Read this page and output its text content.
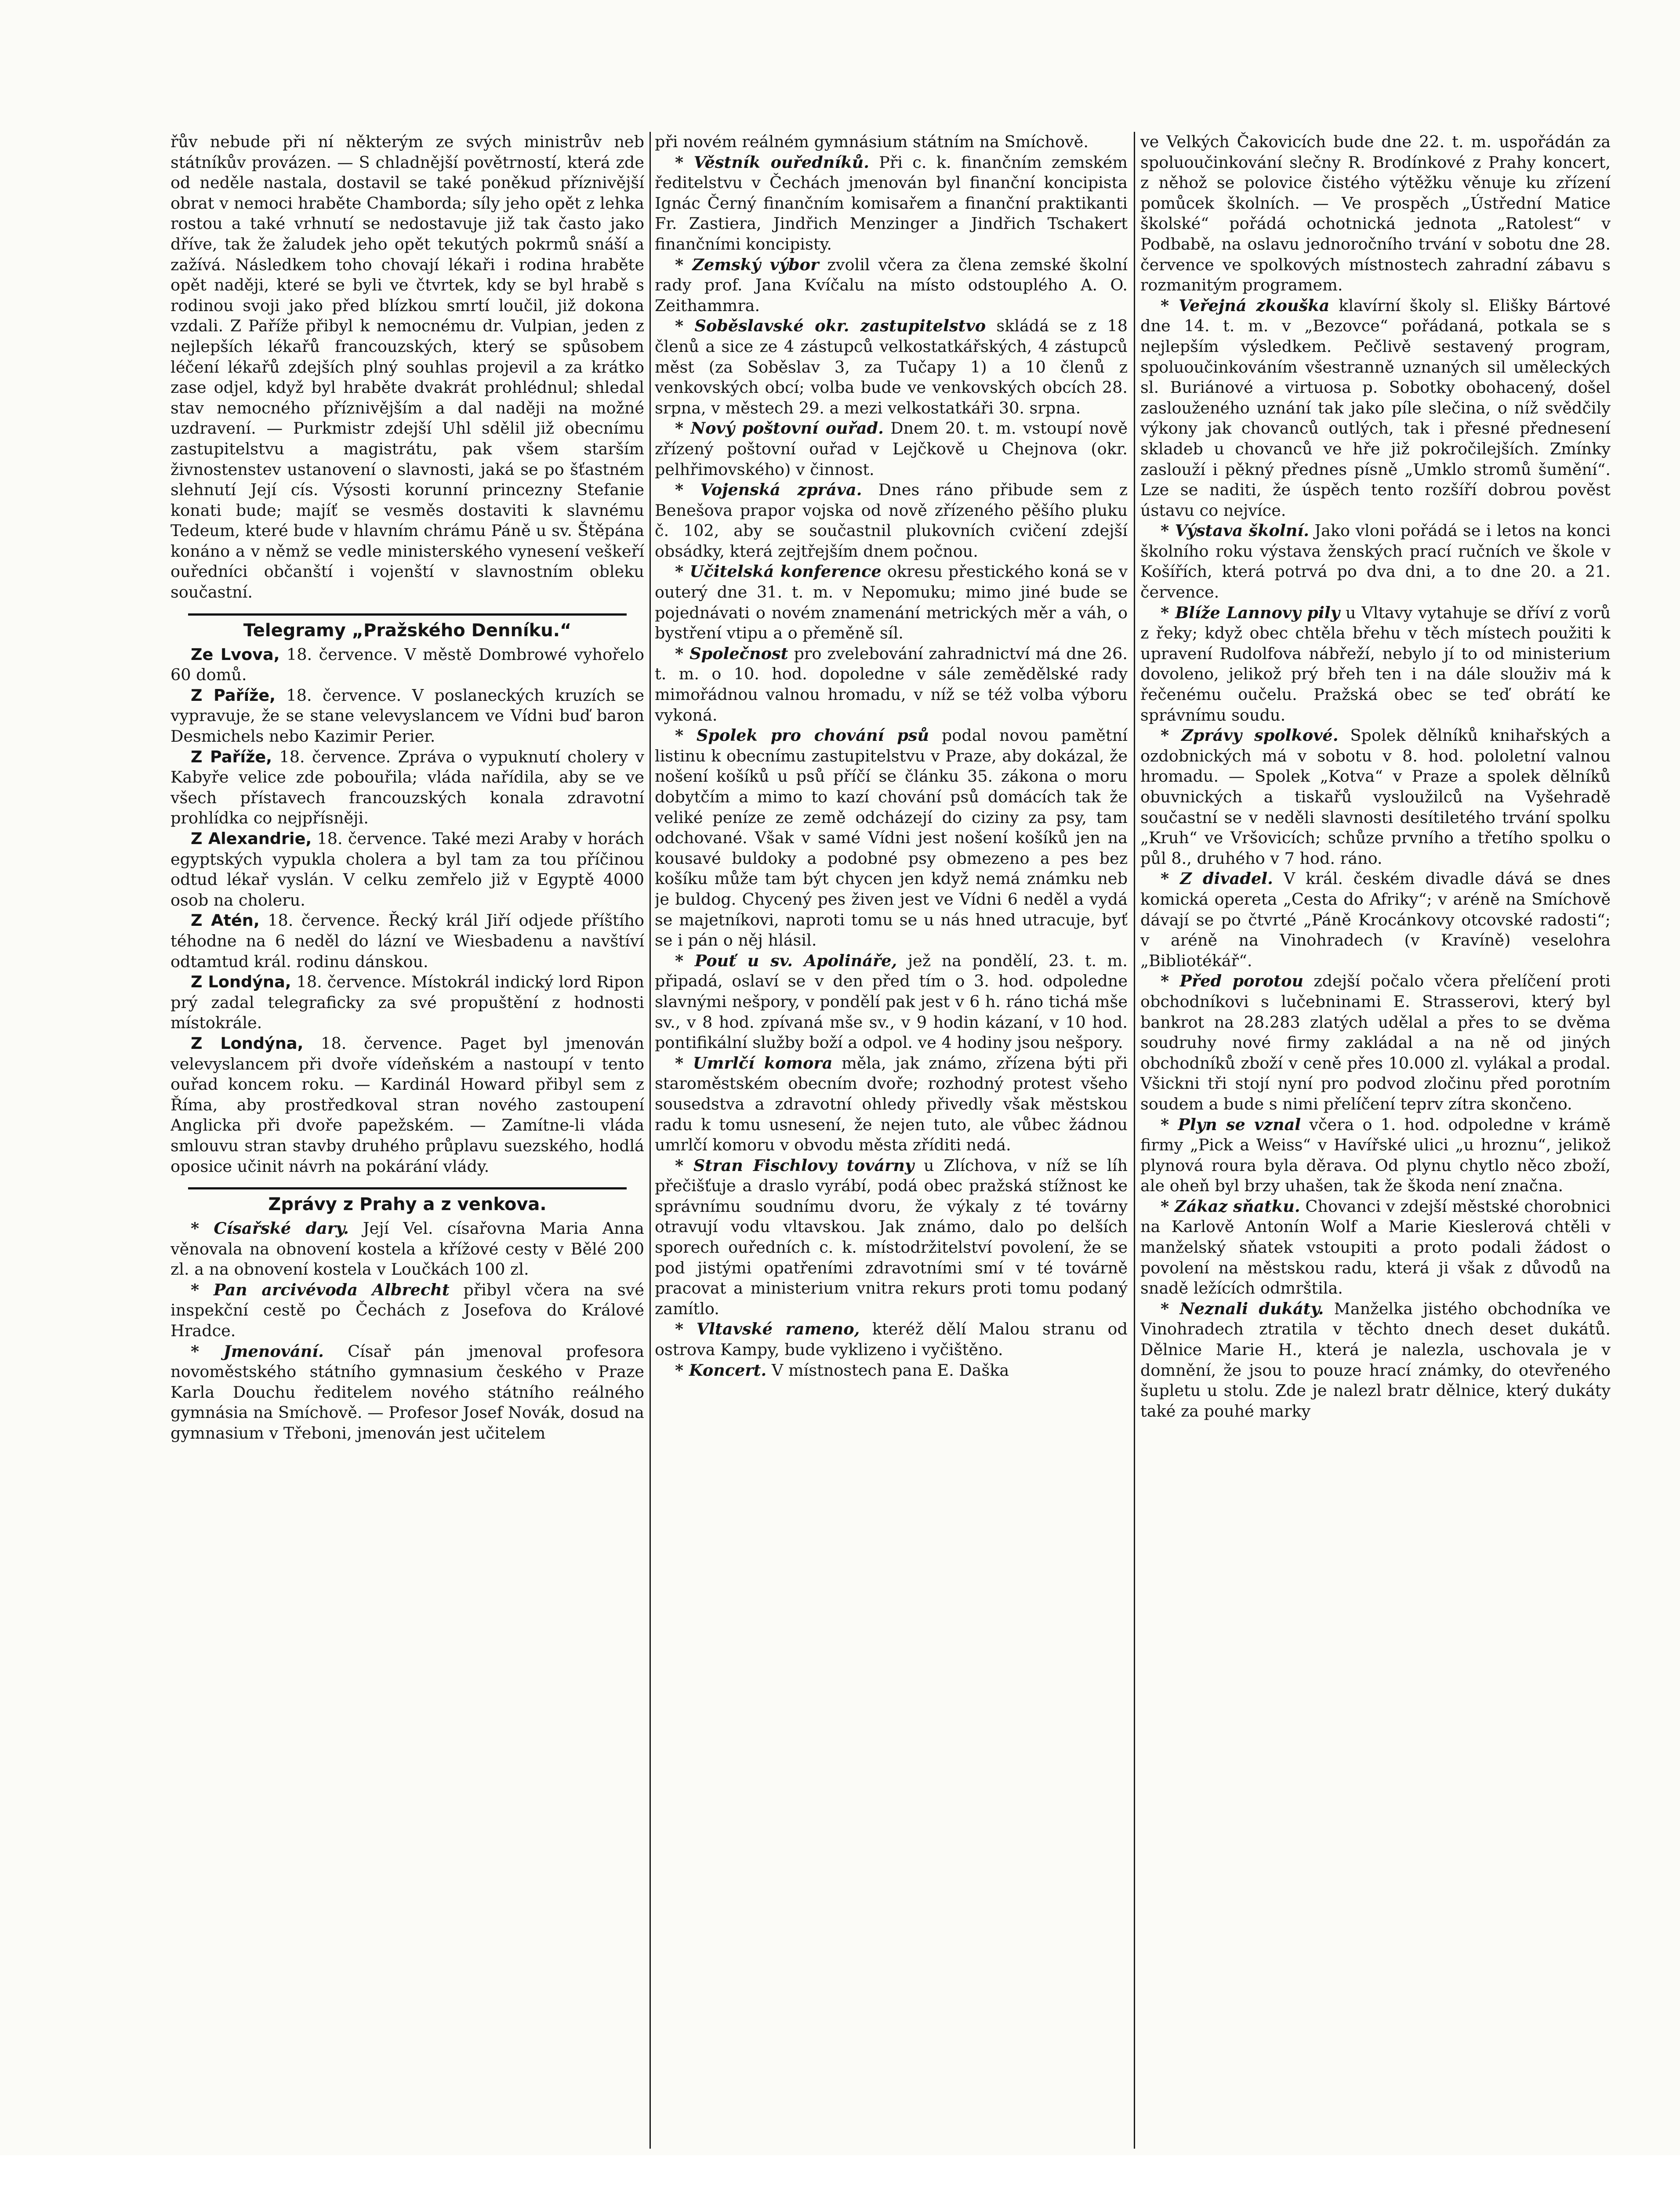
řův nebude při ní některým ze svých ministrův neb státníkův provázen. — S chladnější povětrností, která zde od neděle nastala, dostavil se také poněkud příznivější obrat v nemoci hraběte Chamborda; síly jeho opět z lehka rostou a také vrhnutí se nedostavuje již tak často jako dříve, tak že žaludek jeho opět tekutých pokrmů snáší a zažívá. Následkem toho chovají lékaři i rodina hraběte opět naději, které se byli ve čtvrtek, kdy se byl hrabě s rodinou svoji jako před blízkou smrtí loučil, již dokona vzdali. Z Paříže přibyl k nemocnému dr. Vulpian, jeden z nejlepších lékařů francouzských, který se spůsobem léčení lékařů zdejších plný souhlas projevil a za krátko zase odjel, když byl hraběte dvakrát prohlédnul; shledal stav nemocného příznivějším a dal naději na možné uzdravení. — Purkmistr zdejší Uhl sdělil již obecnímu zastupitelstvu a magistrátu, pak všem starším živnostenstev ustanovení o slavnosti, jaká se po šťastném slehnutí Její cís. Výsosti korunní princezny Stefanie konati bude; majíť se vesměs dostaviti k slavnému Tedeum, které bude v hlavním chrámu Páně u sv. Štěpána konáno a v němž se vedle ministerského vynesení veškeří ouředníci občanští i vojenští v slavnostním obleku součastní.

Telegramy „Pražského Denníku.“

Ze Lvova, 18. července. V městě Dombrowé vyhořelo 60 domů.

Z Paříže, 18. července. V poslaneckých kruzích se vypravuje, že se stane velevyslancem ve Vídni buď baron Desmichels nebo Kazimir Perier.

Z Paříže, 18. července. Zpráva o vypuknutí cholery v Kabyře velice zde pobouřila; vláda nařídila, aby se ve všech přístavech francouzských konala zdravotní prohlídka co nejpřísněji.

Z Alexandrie, 18. července. Také mezi Araby v horách egyptských vypukla cholera a byl tam za tou příčinou odtud lékař vyslán. V celku zemřelo již v Egyptě 4000 osob na choleru.

Z Atén, 18. července. Řecký král Jiří odjede příštího téhodne na 6 neděl do lázní ve Wiesbadenu a navštíví odtamtud král. rodinu dánskou.

Z Londýna, 18. července. Místokrál indický lord Ripon prý zadal telegraficky za své propuštění z hodnosti místokrále.

Z Londýna, 18. července. Paget byl jmenován velevyslancem při dvoře vídeňském a nastoupí v tento ouřad koncem roku. — Kardinál Howard přibyl sem z Říma, aby prostředkoval stran nového zastoupení Anglicka při dvoře papežském. — Zamítne-li vláda smlouvu stran stavby druhého průplavu suezského, hodlá oposice učinit návrh na pokárání vlády.

Zprávy z Prahy a z venkova.

* Císařské dary. Její Vel. císařovna Maria Anna věnovala na obnovení kostela a křížové cesty v Bělé 200 zl. a na obnovení kostela v Loučkách 100 zl.

* Pan arcivévoda Albrecht přibyl včera na své inspekční cestě po Čechách z Josefova do Králové Hradce.

* Jmenování. Císař pán jmenoval profesora novoměstského státního gymnasium českého v Praze Karla Douchu ředitelem nového státního reálného gymnásia na Smíchově. — Profesor Josef Novák, dosud na gymnasium v Třeboni, jmenován jest učitelem

při novém reálném gymnásium státním na Smíchově.

* Věstník ouředníků. Při c. k. finančním zemském ředitelstvu v Čechách jmenován byl finanční koncipista Ignác Černý finančním komisařem a finanční praktikanti Fr. Zastiera, Jindřich Menzinger a Jindřich Tschakert finančními koncipisty.

* Zemský výbor zvolil včera za člena zemské školní rady prof. Jana Kvíčalu na místo odstouplého A. O. Zeithammra.

* Soběslavské okr. zastupitelstvo skládá se z 18 členů a sice ze 4 zástupců velkostatkářských, 4 zástupců měst (za Soběslav 3, za Tučapy 1) a 10 členů z venkovských obcí; volba bude ve venkovských obcích 28. srpna, v městech 29. a mezi velkostatkáři 30. srpna.

* Nový poštovní ouřad. Dnem 20. t. m. vstoupí nově zřízený poštovní ouřad v Lejčkově u Chejnova (okr. pelhřimovského) v činnost.

* Vojenská zpráva. Dnes ráno přibude sem z Benešova prapor vojska od nově zřízeného pěšího pluku č. 102, aby se součastnil plukovních cvičení zdejší obsádky, která zejtřejším dnem počnou.

* Učitelská konference okresu přestického koná se v outerý dne 31. t. m. v Nepomuku; mimo jiné bude se pojednávati o novém znamenání metrických měr a váh, o bystření vtipu a o přeměně síl.

* Společnost pro zvelebování zahradnictví má dne 26. t. m. o 10. hod. dopoledne v sále zemědělské rady mimořádnou valnou hromadu, v níž se též volba výboru vykoná.

* Spolek pro chování psů podal novou pamětní listinu k obecnímu zastupitelstvu v Praze, aby dokázal, že nošení košíků u psů příčí se článku 35. zákona o moru dobytčím a mimo to kazí chování psů domácích tak že veliké peníze ze země odcházejí do ciziny za psy, tam odchované. Však v samé Vídni jest nošení košíků jen na kousavé buldoky a podobné psy obmezeno a pes bez košíku může tam být chycen jen když nemá známku neb je buldog. Chycený pes živen jest ve Vídni 6 neděl a vydá se majetníkovi, naproti tomu se u nás hned utracuje, byť se i pán o něj hlásil.

* Pouť u sv. Apolináře, jež na pondělí, 23. t. m. připadá, oslaví se v den před tím o 3. hod. odpoledne slavnými nešpory, v pondělí pak jest v 6 h. ráno tichá mše sv., v 8 hod. zpívaná mše sv., v 9 hodin kázaní, v 10 hod. pontifikální služby boží a odpol. ve 4 hodiny jsou nešpory.

* Umrlčí komora měla, jak známo, zřízena býti při staroměstském obecním dvoře; rozhodný protest všeho sousedstva a zdravotní ohledy přivedly však městskou radu k tomu usnesení, že nejen tuto, ale vůbec žádnou umrlčí komoru v obvodu města zříditi nedá.

* Stran Fischlovy továrny u Zlíchova, v níž se líh přečišťuje a draslo vyrábí, podá obec pražská stížnost ke správnímu soudnímu dvoru, že výkaly z té továrny otravují vodu vltavskou. Jak známo, dalo po delších sporech ouředních c. k. místodržitelství povolení, že se pod jistými opatřeními zdravotními smí v té továrně pracovat a ministerium vnitra rekurs proti tomu podaný zamítlo.

* Vltavské rameno, kteréž dělí Malou stranu od ostrova Kampy, bude vyklizeno i vyčištěno.

* Koncert. V místnostech pana E. Daška

ve Velkých Čakovicích bude dne 22. t. m. uspořádán za spoluoučinkování slečny R. Brodínkové z Prahy koncert, z něhož se polovice čistého výtěžku věnuje ku zřízení pomůcek školních. — Ve prospěch „Ústřední Matice školské“ pořádá ochotnická jednota „Ratolest“ v Podbabě, na oslavu jednoročního trvání v sobotu dne 28. července ve spolkových místnostech zahradní zábavu s rozmanitým programem.

* Veřejná zkouška klavírní školy sl. Elišky Bártové dne 14. t. m. v „Bezovce“ pořádaná, potkala se s nejlepším výsledkem. Pečlivě sestavený program, spoluoučinkováním všestranně uznaných sil uměleckých sl. Buriánové a virtuosa p. Sobotky obohacený, došel zaslouženého uznání tak jako píle slečina, o níž svědčily výkony jak chovanců outlých, tak i přesné přednesení skladeb u chovanců ve hře již pokročilejších. Zmínky zaslouží i pěkný přednes písně „Umklo stromů šumění“. Lze se naditi, že úspěch tento rozšíří dobrou pověst ústavu co nejvíce.

* Výstava školní. Jako vloni pořádá se i letos na konci školního roku výstava ženských prací ručních ve škole v Košířích, která potrvá po dva dni, a to dne 20. a 21. července.

* Blíže Lannovy pily u Vltavy vytahuje se dříví z vorů z řeky; když obec chtěla břehu v těch místech použiti k upravení Rudolfova nábřeží, nebylo jí to od ministerium dovoleno, jelikož prý břeh ten i na dále slouživ má k řečenému oučelu. Pražská obec se teď obrátí ke správnímu soudu.

* Zprávy spolkové. Spolek dělníků knihařských a ozdobnických má v sobotu v 8. hod. pololetní valnou hromadu. — Spolek „Kotva“ v Praze a spolek dělníků obuvnických a tiskařů vysloužilců na Vyšehradě součastní se v neděli slavnosti desítiletého trvání spolku „Kruh“ ve Vršovicích; schůze prvního a třetího spolku o půl 8., druhého v 7 hod. ráno.

* Z divadel. V král. českém divadle dává se dnes komická opereta „Cesta do Afriky“; v aréně na Smíchově dávají se po čtvrté „Páně Krocánkovy otcovské radosti“; v aréně na Vinohradech (v Kravíně) veselohra „Bibliotékář“.

* Před porotou zdejší počalo včera přelíčení proti obchodníkovi s lučebninami E. Strasserovi, který byl bankrot na 28.283 zlatých udělal a přes to se dvěma soudruhy nové firmy zakládal a na ně od jiných obchodníků zboží v ceně přes 10.000 zl. vylákal a prodal. Všickni tři stojí nyní pro podvod zločinu před porotním soudem a bude s nimi přelíčení teprv zítra skončeno.

* Plyn se vznal včera o 1. hod. odpoledne v krámě firmy „Pick a Weiss“ v Havířské ulici „u hroznu“, jelikož plynová roura byla děrava. Od plynu chytlo něco zboží, ale oheň byl brzy uhašen, tak že škoda není značna.

* Zákaz sňatku. Chovanci v zdejší městské chorobnici na Karlově Antonín Wolf a Marie Kieslerová chtěli v manželský sňatek vstoupiti a proto podali žádost o povolení na městskou radu, která ji však z důvodů na snadě ležících odmrštila.

* Neznali dukáty. Manželka jistého obchodníka ve Vinohradech ztratila v těchto dnech deset dukátů. Dělnice Marie H., která je nalezla, uschovala je v domnění, že jsou to pouze hrací známky, do otevřeného šupletu u stolu. Zde je nalezl bratr dělnice, který dukáty také za pouhé marky
